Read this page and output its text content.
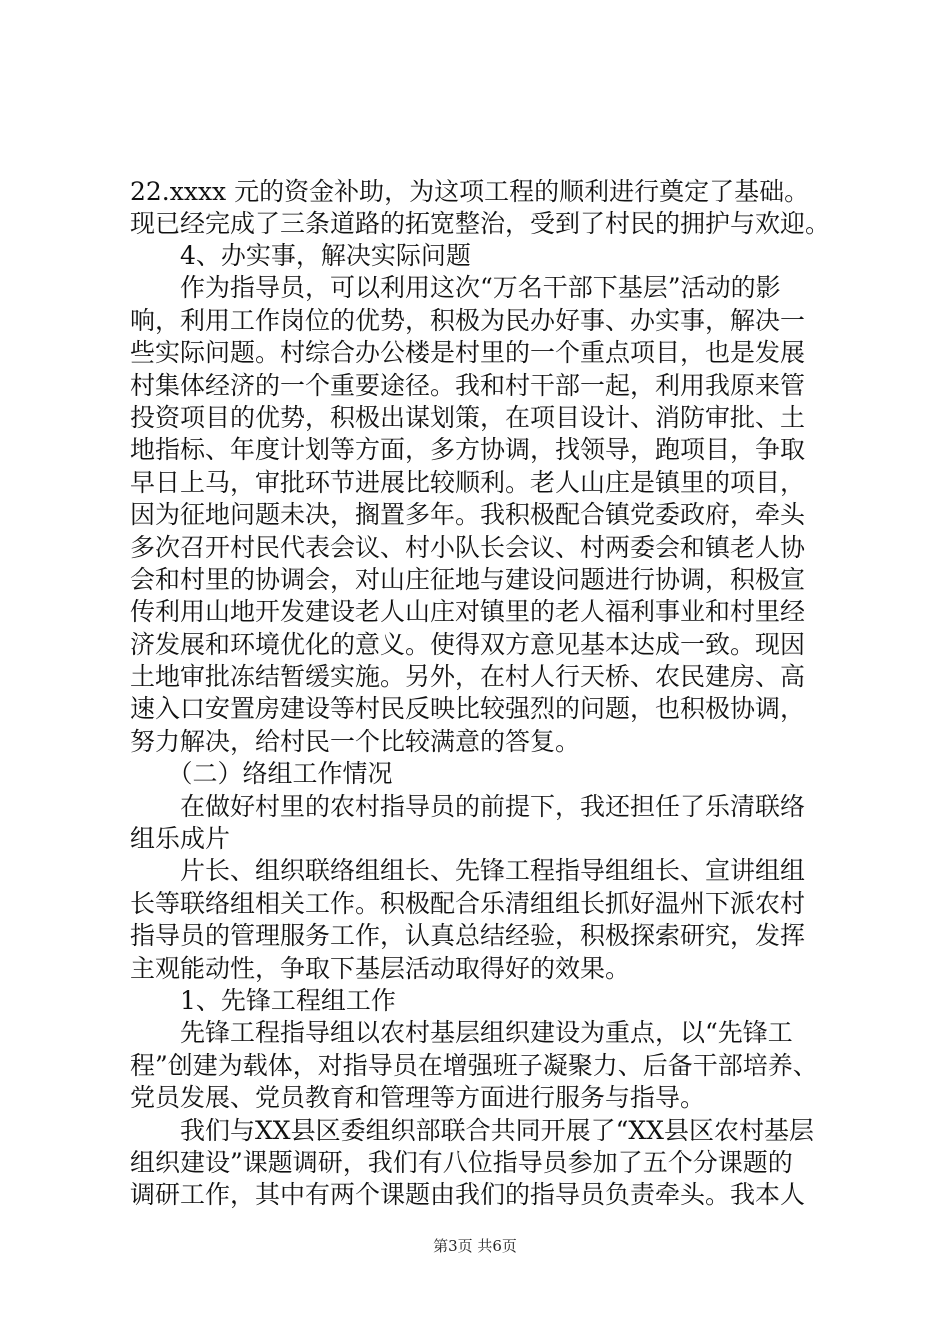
22.xxxx 元的资金补助，为这项工程的顺利进行奠定了基础。
现已经完成了三条道路的拓宽整治，受到了村民的拥护与欢迎。
　　4、办实事，解决实际问题
　　作为指导员，可以利用这次“万名干部下基层”活动的影
响，利用工作岗位的优势，积极为民办好事、办实事，解决一
些实际问题。村综合办公楼是村里的一个重点项目，也是发展
村集体经济的一个重要途径。我和村干部一起，利用我原来管
投资项目的优势，积极出谋划策，在项目设计、消防审批、土
地指标、年度计划等方面，多方协调，找领导，跑项目，争取
早日上马，审批环节进展比较顺利。老人山庄是镇里的项目，
因为征地问题未决，搁置多年。我积极配合镇党委政府，牵头
多次召开村民代表会议、村小队长会议、村两委会和镇老人协
会和村里的协调会，对山庄征地与建设问题进行协调，积极宣
传利用山地开发建设老人山庄对镇里的老人福利事业和村里经
济发展和环境优化的意义。使得双方意见基本达成一致。现因
土地审批冻结暂缓实施。另外，在村人行天桥、农民建房、高
速入口安置房建设等村民反映比较强烈的问题，也积极协调，
努力解决，给村民一个比较满意的答复。
　　（二）络组工作情况
　　在做好村里的农村指导员的前提下，我还担任了乐清联络
组乐成片
　　片长、组织联络组组长、先锋工程指导组组长、宣讲组组
长等联络组相关工作。积极配合乐清组组长抓好温州下派农村
指导员的管理服务工作，认真总结经验，积极探索研究，发挥
主观能动性，争取下基层活动取得好的效果。
　　1、先锋工程组工作
　　先锋工程指导组以农村基层组织建设为重点，以“先锋工
程”创建为载体，对指导员在增强班子凝聚力、后备干部培养、
党员发展、党员教育和管理等方面进行服务与指导。
　　我们与XX县区委组织部联合共同开展了“XX县区农村基层
组织建设”课题调研，我们有八位指导员参加了五个分课题的
调研工作，其中有两个课题由我们的指导员负责牵头。我本人
第3页 共6页
